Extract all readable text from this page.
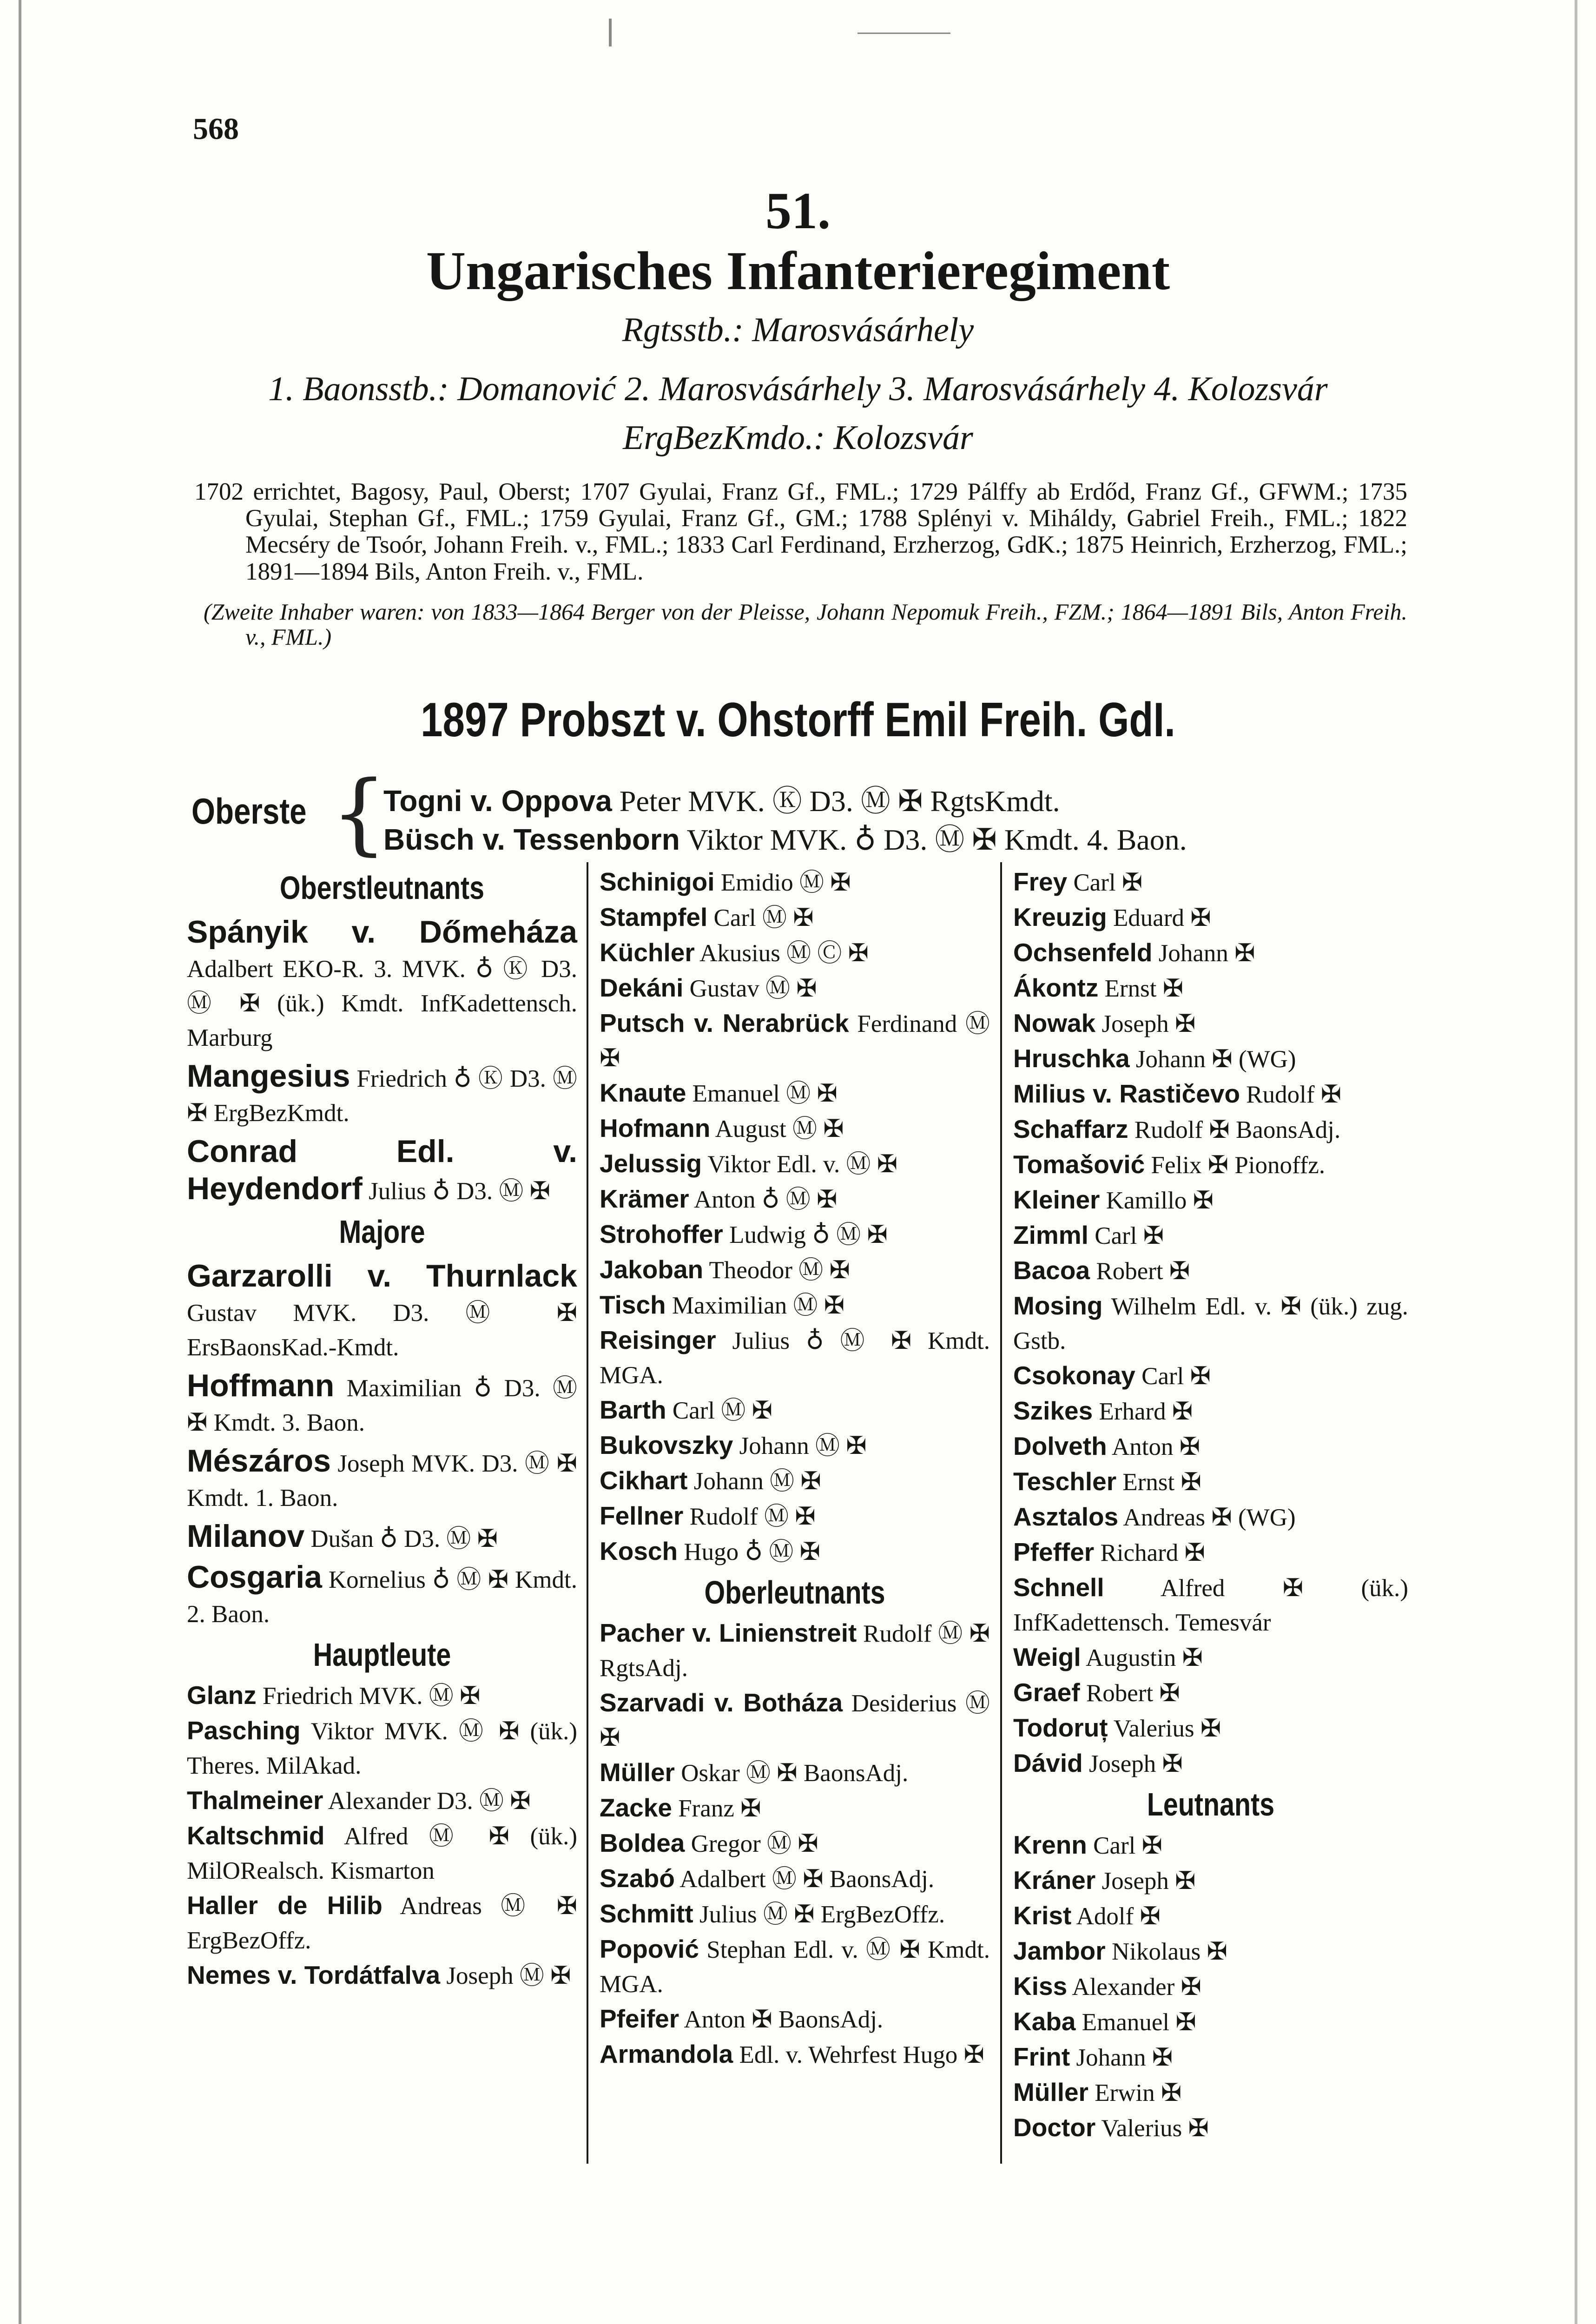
568
51.
Ungarisches Infanterieregiment
Rgtsstb.: Marosvásárhely
1. Baonsstb.: Domanović 2. Marosvásárhely 3. Marosvásárhely 4. Kolozsvár
ErgBezKmdo.: Kolozsvár

1702 errichtet, Bagosy, Paul, Oberst; 1707 Gyulai, Franz Gf., FML.; 1729 Pálffy ab Erdőd, Franz Gf., GFWM.; 1735 Gyulai, Stephan Gf., FML.; 1759 Gyulai, Franz Gf., GM.; 1788 Splényi v. Miháldy, Gabriel Freih., FML.; 1822 Mecséry de Tsoór, Johann Freih. v., FML.; 1833 Carl Ferdinand, Erzherzog, GdK.; 1875 Heinrich, Erzherzog, FML.; 1891—1894 Bils, Anton Freih. v., FML.

(Zweite Inhaber waren: von 1833—1864 Berger von der Pleisse, Johann Nepomuk Freih., FZM.; 1864—1891 Bils, Anton Freih. v., FML.)

1897 Probszt v. Ohstorff Emil Freih. GdI.
Oberste {
Togni v. Oppova Peter MVK. Ⓚ D3. Ⓜ ✠ RgtsKmdt.
Büsch v. Tessenborn Viktor MVK. ♁ D3. Ⓜ ✠ Kmdt. 4. Baon.
Oberstleutnants
Spányik v. Dőmeháza Adalbert EKO-R. 3. MVK. ♁ Ⓚ D3. Ⓜ ✠ (ük.) Kmdt. InfKadettensch. Marburg
Mangesius Friedrich ♁ Ⓚ D3. Ⓜ ✠ ErgBezKmdt.
Conrad Edl. v. Heydendorf Julius ♁ D3. Ⓜ ✠
Majore
Garzarolli v. Thurnlack Gustav MVK. D3. Ⓜ ✠ ErsBaonsKad.-Kmdt.
Hoffmann Maximilian ♁ D3. Ⓜ ✠ Kmdt. 3. Baon.
Mészáros Joseph MVK. D3. Ⓜ ✠ Kmdt. 1. Baon.
Milanov Dušan ♁ D3. Ⓜ ✠
Cosgaria Kornelius ♁ Ⓜ ✠ Kmdt. 2. Baon.
Hauptleute
Glanz Friedrich MVK. Ⓜ ✠
Pasching Viktor MVK. Ⓜ ✠ (ük.) Theres. MilAkad.
Thalmeiner Alexander D3. Ⓜ ✠
Kaltschmid Alfred Ⓜ ✠ (ük.) MilORealsch. Kismarton
Haller de Hilib Andreas Ⓜ ✠ ErgBezOffz.
Nemes v. Tordátfalva Joseph Ⓜ ✠
Schinigoi Emidio Ⓜ ✠
Stampfel Carl Ⓜ ✠
Küchler Akusius Ⓜ Ⓒ ✠
Dekáni Gustav Ⓜ ✠
Putsch v. Nerabrück Ferdinand Ⓜ ✠
Knaute Emanuel Ⓜ ✠
Hofmann August Ⓜ ✠
Jelussig Viktor Edl. v. Ⓜ ✠
Krämer Anton ♁ Ⓜ ✠
Strohoffer Ludwig ♁ Ⓜ ✠
Jakoban Theodor Ⓜ ✠
Tisch Maximilian Ⓜ ✠
Reisinger Julius ♁ Ⓜ ✠ Kmdt. MGA.
Barth Carl Ⓜ ✠
Bukovszky Johann Ⓜ ✠
Cikhart Johann Ⓜ ✠
Fellner Rudolf Ⓜ ✠
Kosch Hugo ♁ Ⓜ ✠
Oberleutnants
Pacher v. Linienstreit Rudolf Ⓜ ✠ RgtsAdj.
Szarvadi v. Botháza Desiderius Ⓜ ✠
Müller Oskar Ⓜ ✠ BaonsAdj.
Zacke Franz ✠
Boldea Gregor Ⓜ ✠
Szabó Adalbert Ⓜ ✠ BaonsAdj.
Schmitt Julius Ⓜ ✠ ErgBezOffz.
Popović Stephan Edl. v. Ⓜ ✠ Kmdt. MGA.
Pfeifer Anton ✠ BaonsAdj.
Armandola Edl. v. Wehrfest Hugo ✠
Frey Carl ✠
Kreuzig Eduard ✠
Ochsenfeld Johann ✠
Ákontz Ernst ✠
Nowak Joseph ✠
Hruschka Johann ✠ (WG)
Milius v. Rastičevo Rudolf ✠
Schaffarz Rudolf ✠ BaonsAdj.
Tomašović Felix ✠ Pionoffz.
Kleiner Kamillo ✠
Zimml Carl ✠
Bacoa Robert ✠
Mosing Wilhelm Edl. v. ✠ (ük.) zug. Gstb.
Csokonay Carl ✠
Szikes Erhard ✠
Dolveth Anton ✠
Teschler Ernst ✠
Asztalos Andreas ✠ (WG)
Pfeffer Richard ✠
Schnell Alfred ✠ (ük.) InfKadettensch. Temesvár
Weigl Augustin ✠
Graef Robert ✠
Todoruț Valerius ✠
Dávid Joseph ✠
Leutnants
Krenn Carl ✠
Kráner Joseph ✠
Krist Adolf ✠
Jambor Nikolaus ✠
Kiss Alexander ✠
Kaba Emanuel ✠
Frint Johann ✠
Müller Erwin ✠
Doctor Valerius ✠
